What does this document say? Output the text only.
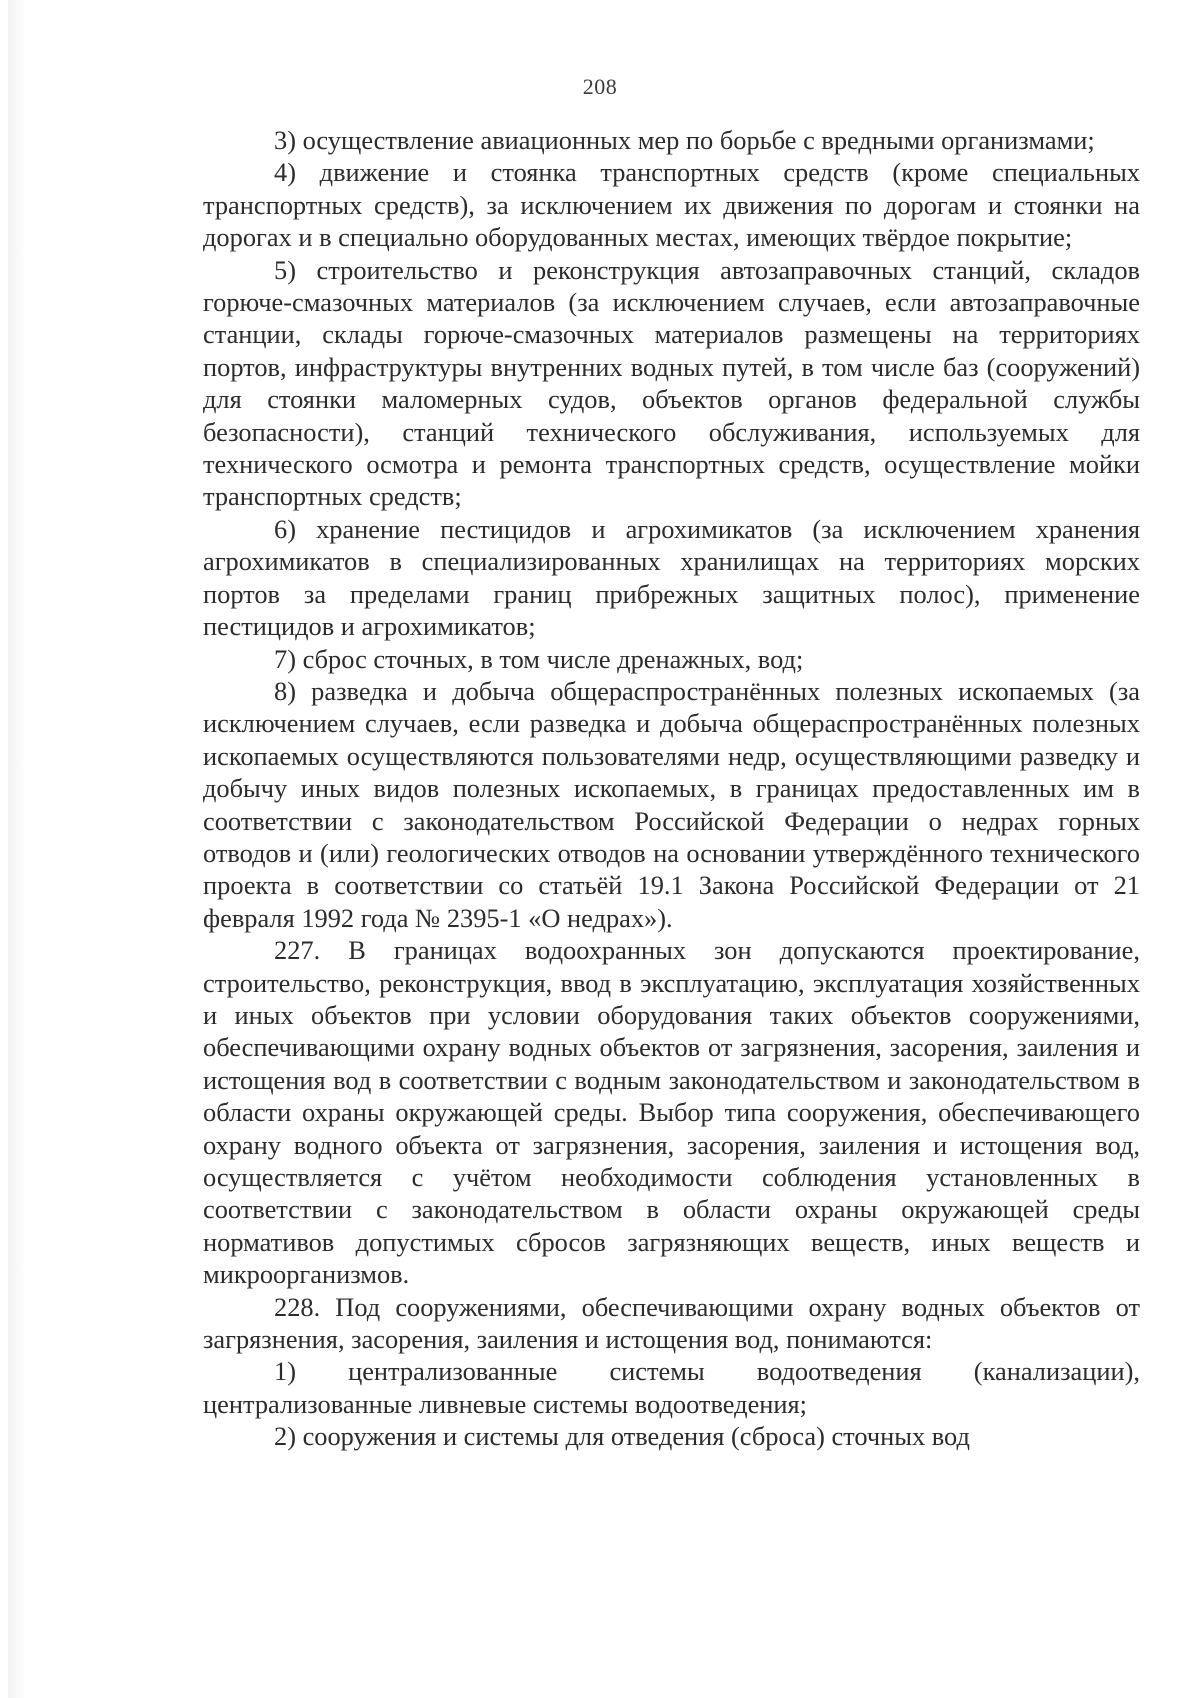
208

3) осуществление авиационных мер по борьбе с вредными организмами;

4) движение и стоянка транспортных средств (кроме специальных транспортных средств), за исключением их движения по дорогам и стоянки на дорогах и в специально оборудованных местах, имеющих твёрдое покрытие;

5) строительство и реконструкция автозаправочных станций, складов горюче-смазочных материалов (за исключением случаев, если автозаправочные станции, склады горюче-смазочных материалов размещены на территориях портов, инфраструктуры внутренних водных путей, в том числе баз (сооружений) для стоянки маломерных судов, объектов органов федеральной службы безопасности), станций технического обслуживания, используемых для технического осмотра и ремонта транспортных средств, осуществление мойки транспортных средств;

6) хранение пестицидов и агрохимикатов (за исключением хранения агрохимикатов в специализированных хранилищах на территориях морских портов за пределами границ прибрежных защитных полос), применение пестицидов и агрохимикатов;

7) сброс сточных, в том числе дренажных, вод;

8) разведка и добыча общераспространённых полезных ископаемых (за исключением случаев, если разведка и добыча общераспространённых полезных ископаемых осуществляются пользователями недр, осуществляющими разведку и добычу иных видов полезных ископаемых, в границах предоставленных им в соответствии с законодательством Российской Федерации о недрах горных отводов и (или) геологических отводов на основании утверждённого технического проекта в соответствии со статьёй 19.1 Закона Российской Федерации от 21 февраля 1992 года № 2395-1 «О недрах»).

227. В границах водоохранных зон допускаются проектирование, строительство, реконструкция, ввод в эксплуатацию, эксплуатация хозяйственных и иных объектов при условии оборудования таких объектов сооружениями, обеспечивающими охрану водных объектов от загрязнения, засорения, заиления и истощения вод в соответствии с водным законодательством и законодательством в области охраны окружающей среды. Выбор типа сооружения, обеспечивающего охрану водного объекта от загрязнения, засорения, заиления и истощения вод, осуществляется с учётом необходимости соблюдения установленных в соответствии с законодательством в области охраны окружающей среды нормативов допустимых сбросов загрязняющих веществ, иных веществ и микроорганизмов.

228. Под сооружениями, обеспечивающими охрану водных объектов от загрязнения, засорения, заиления и истощения вод, понимаются:

1) централизованные системы водоотведения (канализации), централизованные ливневые системы водоотведения;

2) сооружения и системы для отведения (сброса) сточных вод
